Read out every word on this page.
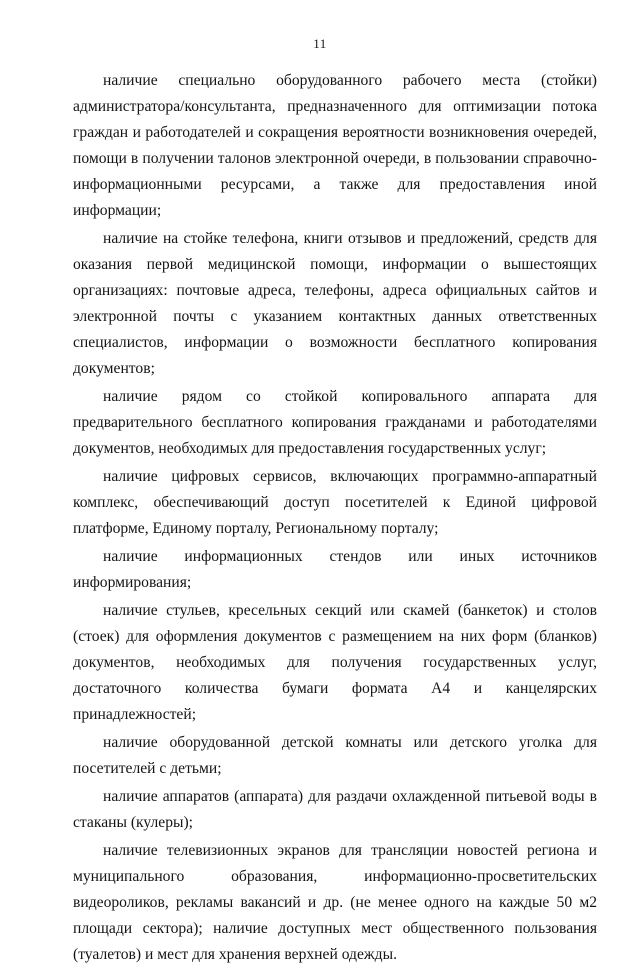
11

наличие специально оборудованного рабочего места (стойки) администратора/консультанта, предназначенного для оптимизации потока граждан и работодателей и сокращения вероятности возникновения очередей, помощи в получении талонов электронной очереди, в пользовании справочно-информационными ресурсами, а также для предоставления иной информации;

наличие на стойке телефона, книги отзывов и предложений, средств для оказания первой медицинской помощи, информации о вышестоящих организациях: почтовые адреса, телефоны, адреса официальных сайтов и электронной почты с указанием контактных данных ответственных специалистов, информации о возможности бесплатного копирования документов;

наличие рядом со стойкой копировального аппарата для предварительного бесплатного копирования гражданами и работодателями документов, необходимых для предоставления государственных услуг;

наличие цифровых сервисов, включающих программно-аппаратный комплекс, обеспечивающий доступ посетителей к Единой цифровой платформе, Единому порталу, Региональному порталу;

наличие информационных стендов или иных источников информирования;

наличие стульев, кресельных секций или скамей (банкеток) и столов (стоек) для оформления документов с размещением на них форм (бланков) документов, необходимых для получения государственных услуг, достаточного количества бумаги формата А4 и канцелярских принадлежностей;

наличие оборудованной детской комнаты или детского уголка для посетителей с детьми;

наличие аппаратов (аппарата) для раздачи охлажденной питьевой воды в стаканы (кулеры);

наличие телевизионных экранов для трансляции новостей региона и муниципального образования, информационно-просветительских видеороликов, рекламы вакансий и др. (не менее одного на каждые 50 м2 площади сектора); наличие доступных мест общественного пользования (туалетов) и мест для хранения верхней одежды.
